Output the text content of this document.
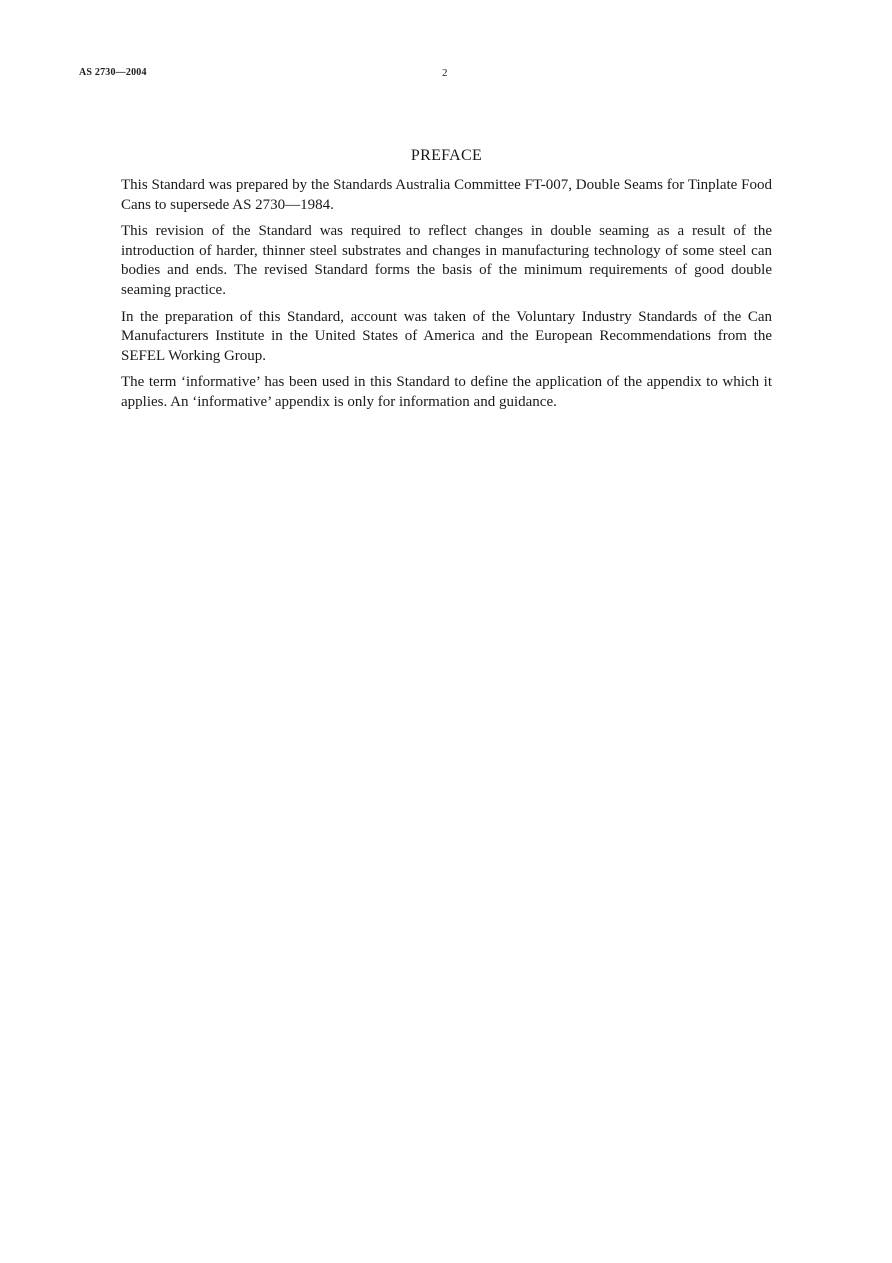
AS 2730—2004	2
PREFACE

This Standard was prepared by the Standards Australia Committee FT-007, Double Seams for Tinplate Food Cans to supersede AS 2730—1984.

This revision of the Standard was required to reflect changes in double seaming as a result of the introduction of harder, thinner steel substrates and changes in manufacturing technology of some steel can bodies and ends. The revised Standard forms the basis of the minimum requirements of good double seaming practice.

In the preparation of this Standard, account was taken of the Voluntary Industry Standards of the Can Manufacturers Institute in the United States of America and the European Recommendations from the SEFEL Working Group.

The term ‘informative’ has been used in this Standard to define the application of the appendix to which it applies. An ‘informative’ appendix is only for information and guidance.
